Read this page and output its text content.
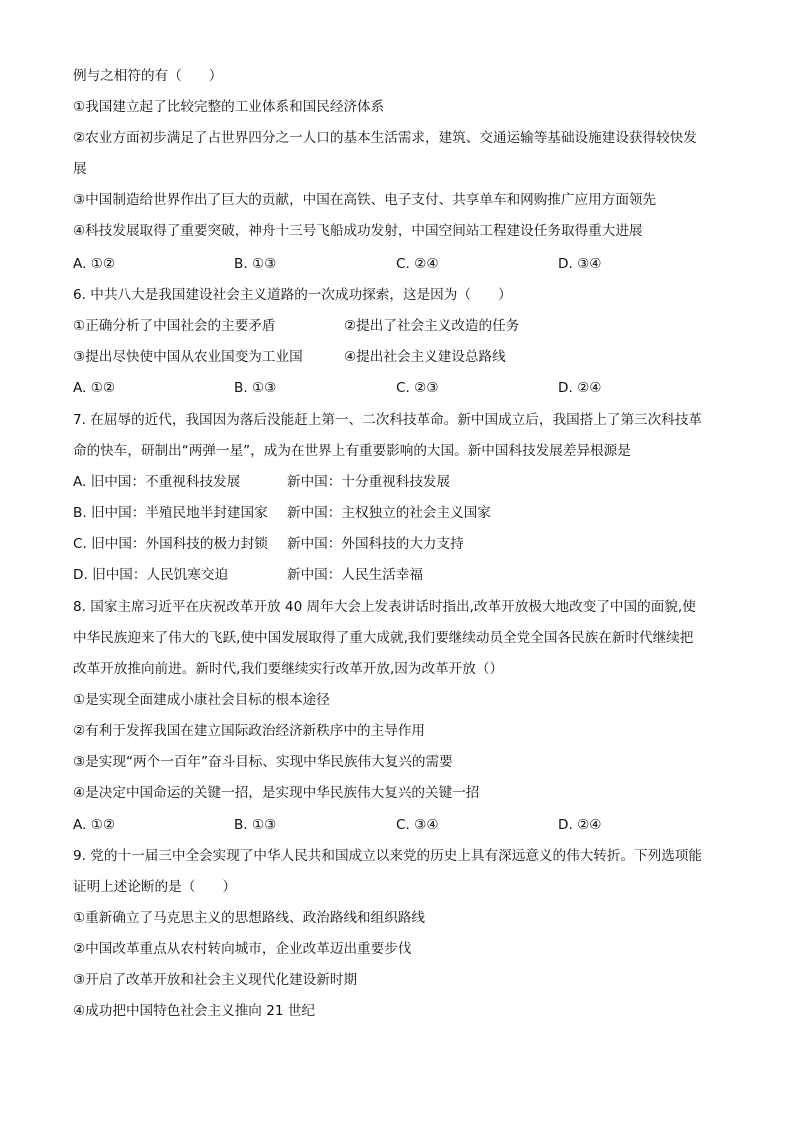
例与之相符的有（　　）
①我国建立起了比较完整的工业体系和国民经济体系
②农业方面初步满足了占世界四分之一人口的基本生活需求，建筑、交通运输等基础设施建设获得较快发
展
③中国制造给世界作出了巨大的贡献，中国在高铁、电子支付、共享单车和网购推广应用方面领先
④科技发展取得了重要突破，神舟十三号飞船成功发射，中国空间站工程建设任务取得重大进展
A. ①②	B. ①③	C. ②④	D. ③④
6. 中共八大是我国建设社会主义道路的一次成功探索，这是因为（　　）
①正确分析了中国社会的主要矛盾	②提出了社会主义改造的任务
③提出尽快使中国从农业国变为工业国	④提出社会主义建设总路线
A. ①②	B. ①③	C. ②③	D. ②④
7. 在屈辱的近代，我国因为落后没能赶上第一、二次科技革命。新中国成立后，我国搭上了第三次科技革
命的快车，研制出“两弹一星”，成为在世界上有重要影响的大国。新中国科技发展差异根源是
A. 旧中国：不重视科技发展	新中国：十分重视科技发展
B. 旧中国：半殖民地半封建国家 新中国：主权独立的社会主义国家
C. 旧中国：外国科技的极力封锁 新中国：外国科技的大力支持
D. 旧中国：人民饥寒交迫	新中国：人民生活幸福
8. 国家主席习近平在庆祝改革开放 40 周年大会上发表讲话时指出,改革开放极大地改变了中国的面貌,使
中华民族迎来了伟大的飞跃,使中国发展取得了重大成就,我们要继续动员全党全国各民族在新时代继续把
改革开放推向前进。新时代,我们要继续实行改革开放,因为改革开放（）
①是实现全面建成小康社会目标的根本途径
②有利于发挥我国在建立国际政治经济新秩序中的主导作用
③是实现“两个一百年”奋斗目标、实现中华民族伟大复兴的需要
④是决定中国命运的关键一招，是实现中华民族伟大复兴的关键一招
A. ①②	B. ①③	C. ③④	D. ②④
9. 党的十一届三中全会实现了中华人民共和国成立以来党的历史上具有深远意义的伟大转折。下列选项能
证明上述论断的是（　　）
①重新确立了马克思主义的思想路线、政治路线和组织路线
②中国改革重点从农村转向城市，企业改革迈出重要步伐
③开启了改革开放和社会主义现代化建设新时期
④成功把中国特色社会主义推向 21 世纪
